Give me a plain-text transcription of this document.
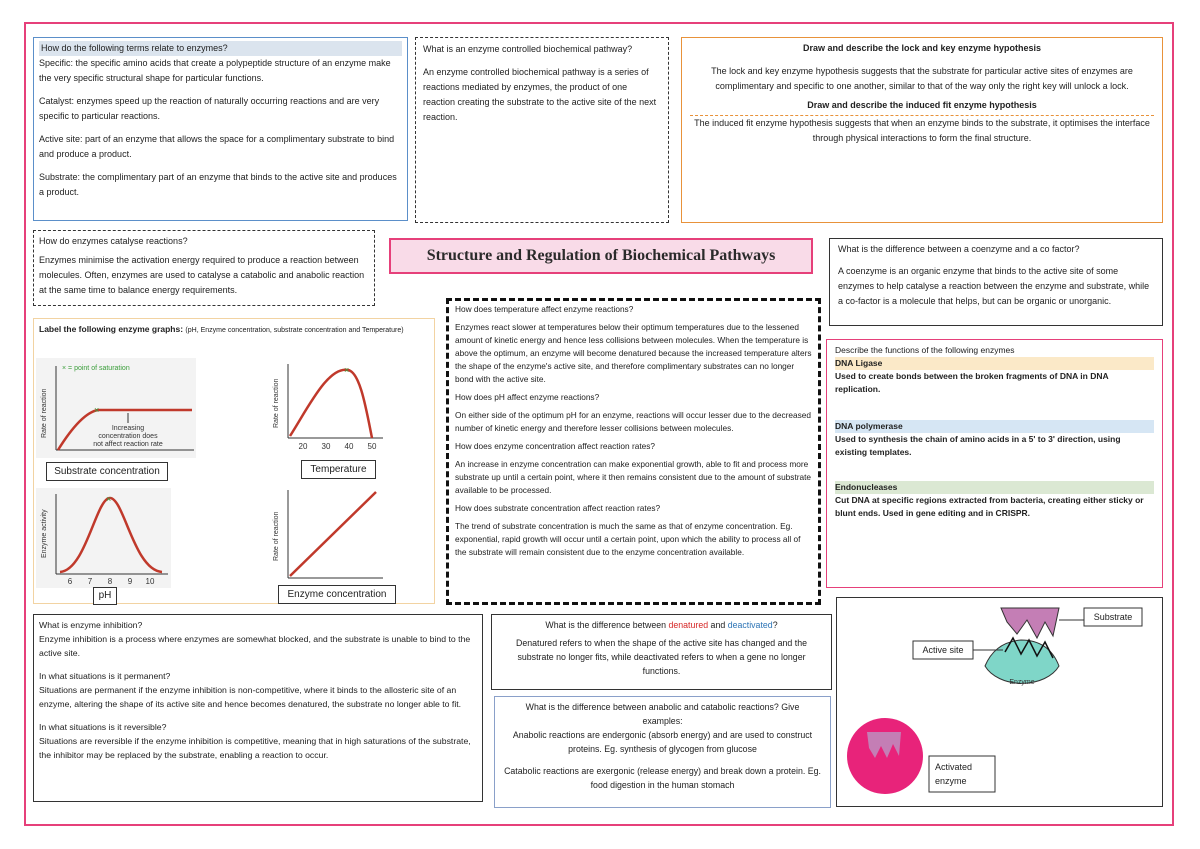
How do the following terms relate to enzymes?

Specific: the specific amino acids that create a polypeptide structure of an enzyme make the very specific structural shape for particular functions.

Catalyst: enzymes speed up the reaction of naturally occurring reactions and are very specific to particular reactions.

Active site: part of an enzyme that allows the space for a complimentary substrate to bind and produce a product.

Substrate: the complimentary part of an enzyme that binds to the active site and produces a product.

What is an enzyme controlled biochemical pathway?

An enzyme controlled biochemical pathway is a series of reactions mediated by enzymes, the product of one reaction creating the substrate to the active site of the next reaction.

Draw and describe the lock and key enzyme hypothesis

The lock and key enzyme hypothesis suggests that the substrate for particular active sites of enzymes are complimentary and specific to one another, similar to that of the way only the right key will unlock a lock.

Draw and describe the induced fit enzyme hypothesis

The induced fit enzyme hypothesis suggests that when an enzyme binds to the substrate, it optimises the interface through physical interactions to form the final structure.

How do enzymes catalyse reactions?

Enzymes minimise the activation energy required to produce a reaction between molecules. Often, enzymes are used to catalyse a catabolic and anabolic reaction at the same time to balance energy requirements.

Structure and Regulation of Biochemical Pathways	What is the difference between a coenzyme and a co factor?

A coenzyme is an organic enzyme that binds to the active site of some enzymes to help catalyse a reaction between the enzyme and substrate, while a co-factor is a molecule that helps, but can be organic or unorganic.

Label the following enzyme graphs: (pH, Enzyme concentration, substrate concentration and Temperature)

× = point of saturation
×
Increasing
concentration does
not affect reaction rate
Rate of reaction
Substrate concentration
×
Rate of reaction
20 30 40 50
Temperature
×
Enzyme activity
6 7 8 9 10
pH
Rate of reaction
Enzyme concentration

How does temperature affect enzyme reactions?

Enzymes react slower at temperatures below their optimum temperatures due to the lessened amount of kinetic energy and hence less collisions between molecules. When the temperature is above the optimum, an enzyme will become denatured because the increased temperature alters the shape of the enzyme's active site, and therefore complimentary substrates can no longer bond with the active site.

How does pH affect enzyme reactions?

On either side of the optimum pH for an enzyme, reactions will occur lesser due to the decreased number of kinetic energy and therefore lesser collisions between molecules.

How does enzyme concentration affect reaction rates?

An increase in enzyme concentration can make exponential growth, able to fit and process more substrate up until a certain point, where it then remains consistent due to the amount of substrate available to be processed.

How does substrate concentration affect reaction rates?

The trend of substrate concentration is much the same as that of enzyme concentration. Eg. exponential, rapid growth will occur until a certain point, upon which the ability to process all of the substrate will remain consistent due to the enzyme concentration available.

Describe the functions of the following enzymes

DNA Ligase

Used to create bonds between the broken fragments of DNA in DNA replication.

DNA polymerase

Used to synthesis the chain of amino acids in a 5' to 3' direction, using existing templates.

Endonucleases

Cut DNA at specific regions extracted from bacteria, creating either sticky or blunt ends. Used in gene editing and in CRISPR.

What is enzyme inhibition?

Enzyme inhibition is a process where enzymes are somewhat blocked, and the substrate is unable to bind to the active site.

In what situations is it permanent?

Situations are permanent if the enzyme inhibition is non-competitive, where it binds to the allosteric site of an enzyme, altering the shape of its active site and hence becomes denatured, the substrate no longer able to fit.

In what situations is it reversible?

Situations are reversible if the enzyme inhibition is competitive, meaning that in high saturations of the substrate, the inhibitor may be replaced by the substrate, enabling a reaction to occur.

What is the difference between denatured and deactivated?

Denatured refers to when the shape of the active site has changed and the substrate no longer fits, while deactivated refers to when a gene no longer functions.

What is the difference between anabolic and catabolic reactions? Give examples:

Anabolic reactions are endergonic (absorb energy) and are used to construct proteins. Eg. synthesis of glycogen from glucose

Catabolic reactions are exergonic (release energy) and break down a protein. Eg. food digestion in the human stomach

Enzyme
Substrate
Active site
Activated
enzyme
